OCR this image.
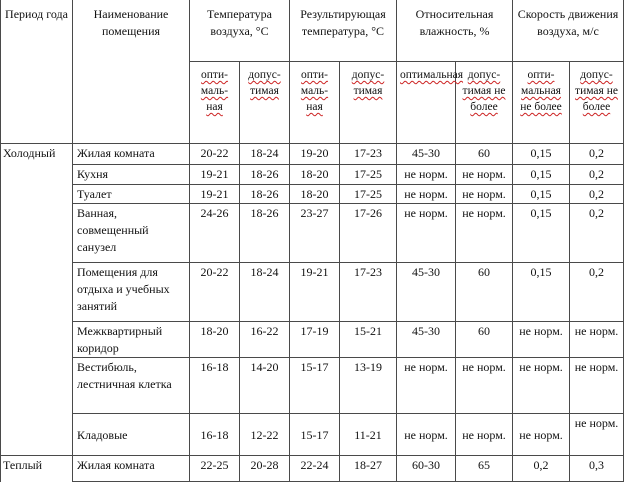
Период года	Наименование помещения	Температура воздуха, °С		Результирующая температура, °С		Относительная влажность, %		Скорость движения воздуха, м/с	
		опти-маль-ная	допус-тимая	опти-маль-ная	допус-тимая	оптимальная	допус-тимая не более	опти-мальная не более	допус-тимая не более
Холодный	Жилая комната	20-22	18-24	19-20	17-23	45-30	60	0,15	0,2
	Кухня	19-21	18-26	18-20	17-25	не норм.	не норм.	0,15	0,2
	Туалет	19-21	18-26	18-20	17-25	не норм.	не норм.	0,15	0,2
	Ванная, совмещенный санузел	24-26	18-26	23-27	17-26	не норм.	не норм.	0,15	0,2
	Помещения для отдыха и учебных занятий	20-22	18-24	19-21	17-23	45-30	60	0,15	0,2
	Межквартирный коридор	18-20	16-22	17-19	15-21	45-30	60	не норм.	не норм.
	Вестибюль, лестничная клетка	16-18	14-20	15-17	13-19	не норм.	не норм.	не норм.	не норм.
	Кладовые	16-18	12-22	15-17	11-21	не норм.	не норм.	не норм.	не норм.
Теплый	Жилая комната	22-25	20-28	22-24	18-27	60-30	65	0,2	0,3
